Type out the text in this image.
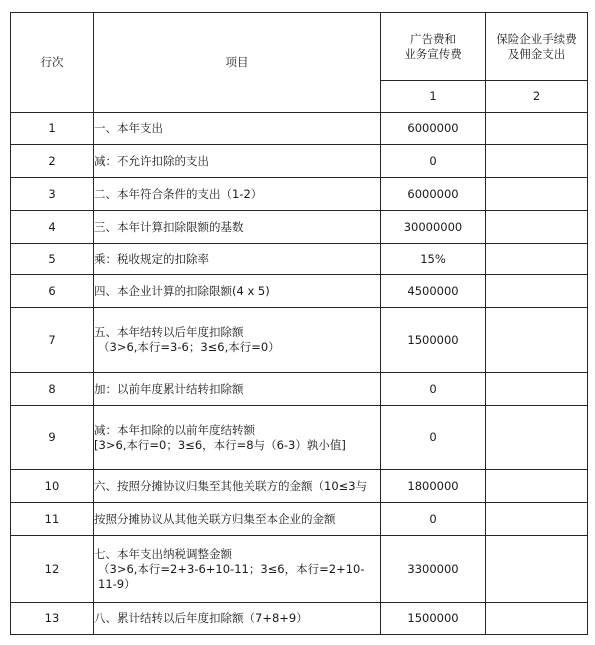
行次	项目	广告费和
业务宣传费	保险企业手续费
及佣金支出

		1	2
1	一、本年支出	6000000	
2	减：不允许扣除的支出	0	
3	二、本年符合条件的支出（1-2）	6000000	
4	三、本年计算扣除限额的基数	30000000	
5	乘：税收规定的扣除率	15%	
6	四、本企业计算的扣除限额(4 x 5)	4500000	
7	五、本年结转以后年度扣除额
（3>6,本行=3-6；3≤6,本行=0）	1500000	
8	加：以前年度累计结转扣除额	0	
9	减：本年扣除的以前年度结转额
[3>6,本行=0；3≤6，本行=8与（6-3）孰小值]	0	
10	六、按照分摊协议归集至其他关联方的金额（10≤3与	1800000	
11	按照分摊协议从其他关联方归集至本企业的金额	0	
12	七、本年支出纳税调整金额
（3>6,本行=2+3-6+10-11；3≤6，本行=2+10-
11-9）	3300000	
13	八、累计结转以后年度扣除额（7+8+9）	1500000	
